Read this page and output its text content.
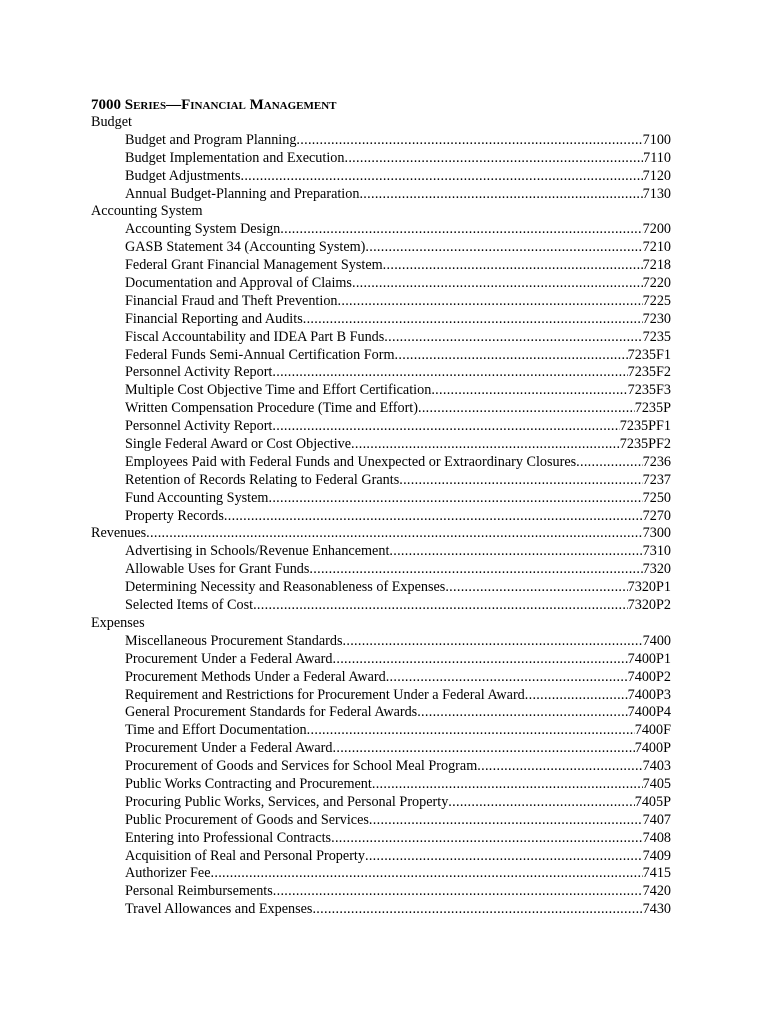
7000 Series—Financial Management
Budget
Budget and Program Planning .....	7100
Budget Implementation and Execution .....	7110
Budget Adjustments .....	7120
Annual Budget-Planning and Preparation .....	7130
Accounting System
Accounting System Design .....	7200
GASB Statement 34 (Accounting System) .....	7210
Federal Grant Financial Management System .....	7218
Documentation and Approval of Claims .....	7220
Financial Fraud and Theft Prevention .....	7225
Financial Reporting and Audits .....	7230
Fiscal Accountability and IDEA Part B Funds .....	7235
Federal Funds Semi-Annual Certification Form .....	7235F1
Personnel Activity Report .....	7235F2
Multiple Cost Objective Time and Effort Certification .....	7235F3
Written Compensation Procedure (Time and Effort) .....	7235P
Personnel Activity Report .....	7235PF1
Single Federal Award or Cost Objective .....	7235PF2
Employees Paid with Federal Funds and Unexpected or Extraordinary Closures .....	7236
Retention of Records Relating to Federal Grants .....	7237
Fund Accounting System .....	7250
Property Records .....	7270
Revenues .....	7300
Advertising in Schools/Revenue Enhancement .....	7310
Allowable Uses for Grant Funds .....	7320
Determining Necessity and Reasonableness of Expenses .....	7320P1
Selected Items of Cost .....	7320P2
Expenses
Miscellaneous Procurement Standards .....	7400
Procurement Under a Federal Award .....	7400P1
Procurement Methods Under a Federal Award .....	7400P2
Requirement and Restrictions for Procurement Under a Federal Award .....	7400P3
General Procurement Standards for Federal Awards .....	7400P4
Time and Effort Documentation .....	7400F
Procurement Under a Federal Award .....	7400P
Procurement of Goods and Services for School Meal Program .....	7403
Public Works Contracting and Procurement .....	7405
Procuring Public Works, Services, and Personal Property .....	7405P
Public Procurement of Goods and Services .....	7407
Entering into Professional Contracts .....	7408
Acquisition of Real and Personal Property .....	7409
Authorizer Fee .....	7415
Personal Reimbursements .....	7420
Travel Allowances and Expenses .....	7430
